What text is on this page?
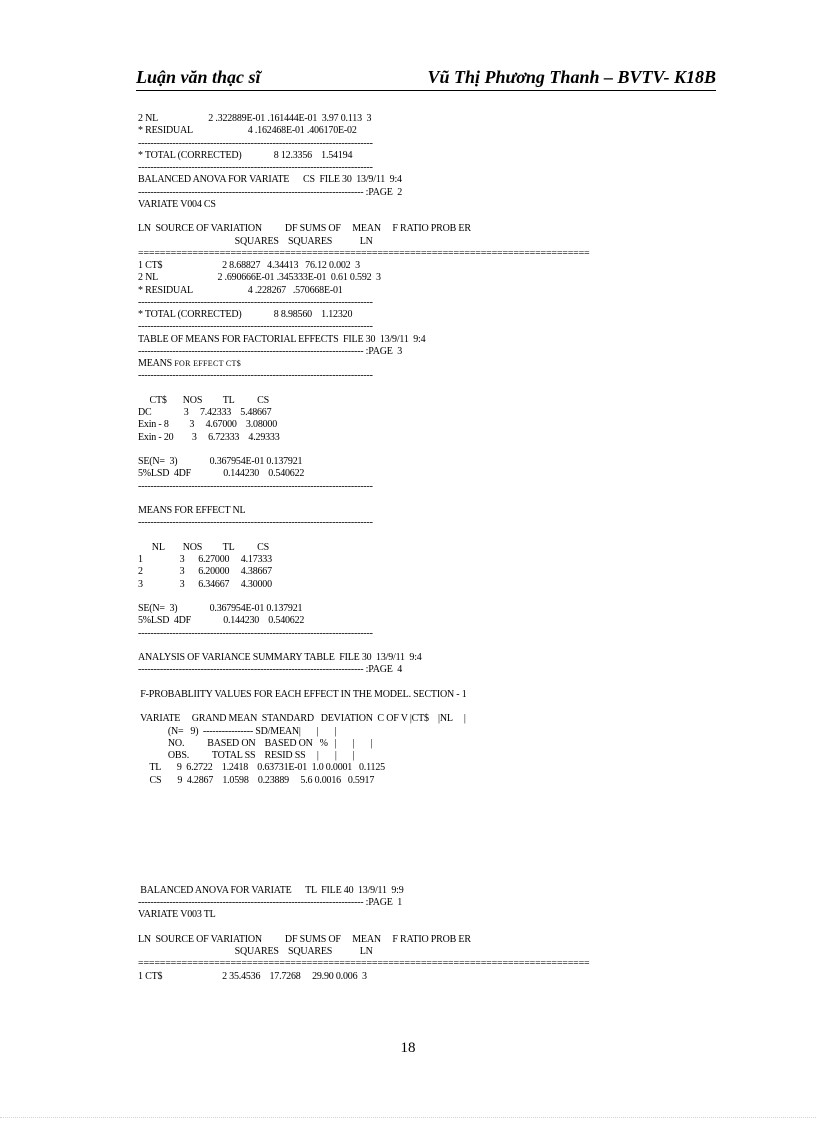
Luận văn thạc sĩ	Vũ Thị Phương Thanh – BVTV- K18B
2 NL                      2 .322889E-01 .161444E-01  3.97 0.113  3
* RESIDUAL                        4 .162468E-01 .406170E-02
---------------------------------------------------------------------------
* TOTAL (CORRECTED)              8 12.3356    1.54194
---------------------------------------------------------------------------
BALANCED ANOVA FOR VARIATE      CS  FILE 30  13/9/11  9:4
------------------------------------------------------------------------ :PAGE  2
VARIATE V004 CS
LN  SOURCE OF VARIATION          DF SUMS OF     MEAN     F RATIO PROB ER
SQUARES    SQUARES            LN
===================================================================================
1 CT$                          2 8.68827   4.34413   76.12 0.002  3
2 NL                          2 .690666E-01 .345333E-01  0.61 0.592  3
* RESIDUAL                        4 .228267   .570668E-01
---------------------------------------------------------------------------
* TOTAL (CORRECTED)              8 8.98560    1.12320
---------------------------------------------------------------------------
TABLE OF MEANS FOR FACTORIAL EFFECTS  FILE 30  13/9/11  9:4
------------------------------------------------------------------------ :PAGE  3
MEANS FOR EFFECT CT$
---------------------------------------------------------------------------
CT$       NOS         TL          CS
DC              3     7.42333    5.48667
Exin - 8         3     4.67000    3.08000
Exin - 20        3     6.72333    4.29333
SE(N=  3)              0.367954E-01 0.137921
5%LSD  4DF              0.144230    0.540622
---------------------------------------------------------------------------
MEANS FOR EFFECT NL
---------------------------------------------------------------------------
NL        NOS         TL          CS
1                3      6.27000     4.17333
2                3      6.20000     4.38667
3                3      6.34667     4.30000
SE(N=  3)              0.367954E-01 0.137921
5%LSD  4DF              0.144230    0.540622
---------------------------------------------------------------------------
ANALYSIS OF VARIANCE SUMMARY TABLE  FILE 30  13/9/11  9:4
------------------------------------------------------------------------ :PAGE  4
F-PROBABLIITY VALUES FOR EACH EFFECT IN THE MODEL. SECTION - 1
VARIATE     GRAND MEAN  STANDARD   DEVIATION  C OF V |CT$    |NL     |
(N=   9)  ---------------- SD/MEAN|       |       |
NO.          BASED ON    BASED ON   %   |       |       |
OBS.          TOTAL SS    RESID SS     |       |       |
TL       9  6.2722    1.2418    0.63731E-01  1.0 0.0001   0.1125
CS       9  4.2867    1.0598    0.23889     5.6 0.0016   0.5917
BALANCED ANOVA FOR VARIATE      TL  FILE 40  13/9/11  9:9
------------------------------------------------------------------------ :PAGE  1
VARIATE V003 TL
LN  SOURCE OF VARIATION          DF SUMS OF     MEAN     F RATIO PROB ER
SQUARES    SQUARES            LN
===================================================================================
1 CT$                          2 35.4536    17.7268     29.90 0.006  3
18
